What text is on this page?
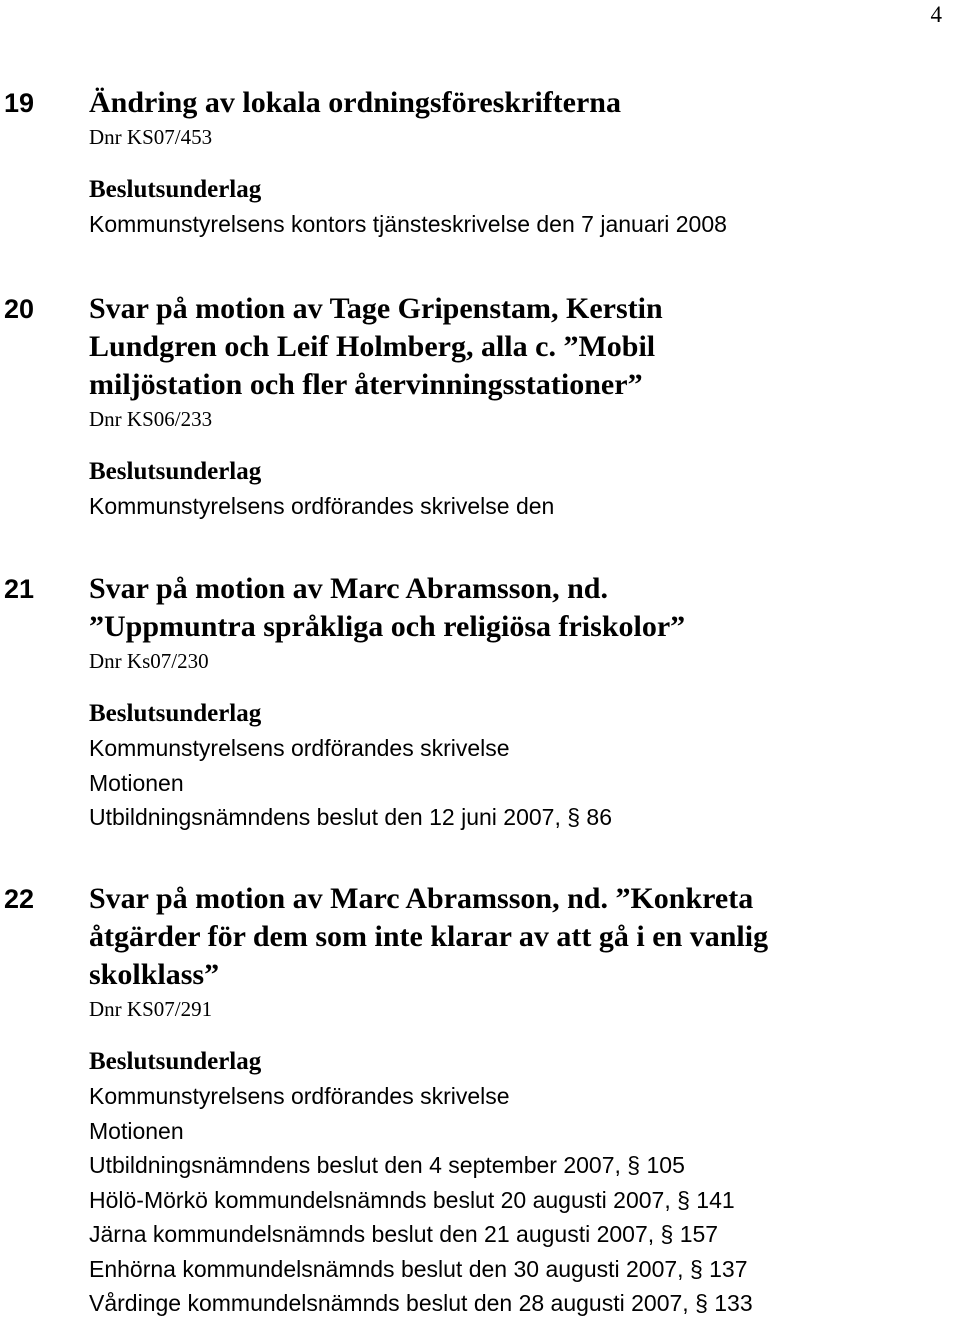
4
19 Ändring av lokala ordningsföreskrifterna

Dnr KS07/453

Beslutsunderlag

Kommunstyrelsens kontors tjänsteskrivelse den 7 januari 2008

20 Svar på motion av Tage Gripenstam, Kerstin
Lundgren och Leif Holmberg, alla c. ”Mobil
miljöstation och fler återvinningsstationer”

Dnr KS06/233

Beslutsunderlag

Kommunstyrelsens ordförandes skrivelse den

21 Svar på motion av Marc Abramsson, nd.
”Uppmuntra språkliga och religiösa friskolor”

Dnr Ks07/230

Beslutsunderlag

Kommunstyrelsens ordförandes skrivelse

Motionen

Utbildningsnämndens beslut den 12 juni 2007, § 86

22 Svar på motion av Marc Abramsson, nd. ”Konkreta
åtgärder för dem som inte klarar av att gå i en vanlig
skolklass”

Dnr KS07/291

Beslutsunderlag

Kommunstyrelsens ordförandes skrivelse

Motionen

Utbildningsnämndens beslut den 4 september 2007, § 105

Hölö-Mörkö kommundelsnämnds beslut 20 augusti 2007, § 141

Järna kommundelsnämnds beslut den 21 augusti 2007, § 157

Enhörna kommundelsnämnds beslut den 30 augusti 2007, § 137

Vårdinge kommundelsnämnds beslut den 28 augusti 2007, § 133
